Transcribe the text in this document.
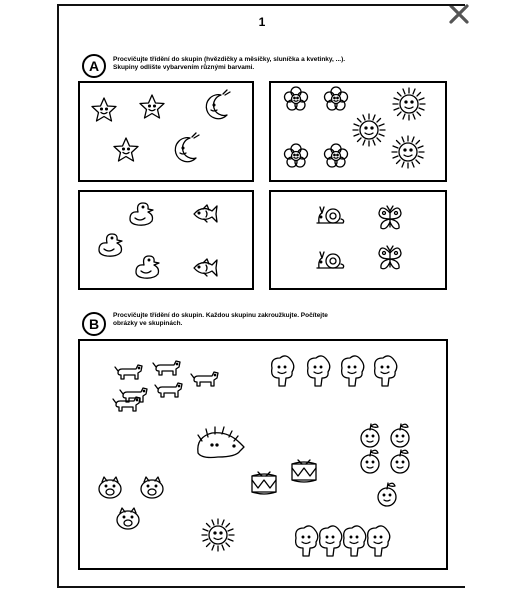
1
A	Procvičujte třídění do skupin (hvězdičky a měsíčky, sluníčka a kvetinky, ...).
Skupiny odlište vybarvením různými barvami.
B
Procvičujte třídění do skupin. Každou skupinu zakroužkujte. Počítejte
obrázky ve skupinách.
